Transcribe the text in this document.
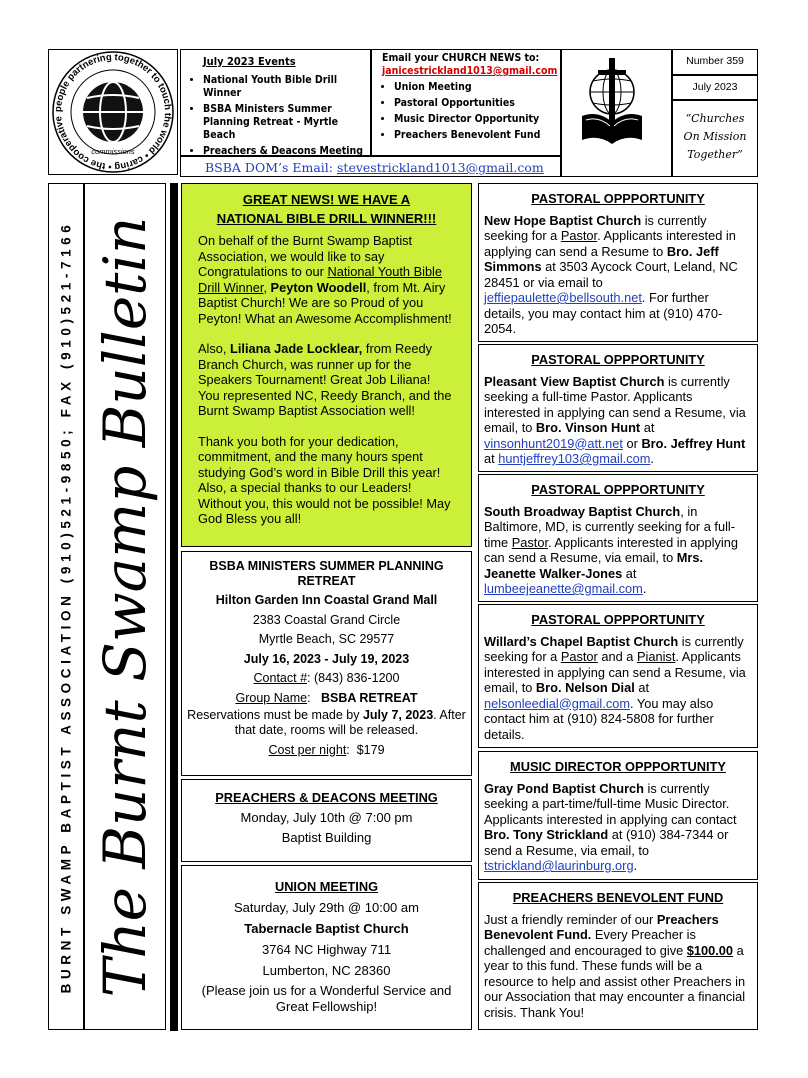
people partnering together to touch the world • caring • the cooperative
commissions
July 2023 Events
• National Youth Bible Drill Winner
• BSBA Ministers Summer Planning Retreat - Myrtle Beach
• Preachers & Deacons Meeting
Email your CHURCH NEWS to:
janicestrickland1013@gmail.com
• Union Meeting
• Pastoral Opportunities
• Music Director Opportunity
• Preachers Benevolent Fund
BSBA DOM’s Email: stevestrickland1013@gmail.com
Number 359
July 2023
“Churches
On Mission
Together”
BURNT SWAMP BAPTIST ASSOCIATION (910)521-9850; FAX (910)521-7166 The Burnt Swamp Bulletin
GREAT NEWS! WE HAVE A
NATIONAL BIBLE DRILL WINNER!!!

On behalf of the Burnt Swamp Baptist Association, we would like to say Congratulations to our National Youth Bible Drill Winner, Peyton Woodell, from Mt. Airy Baptist Church! We are so Proud of you Peyton! What an Awesome Accomplishment!

Also, Liliana Jade Locklear, from Reedy Branch Church, was runner up for the Speakers Tournament! Great Job Liliana! You represented NC, Reedy Branch, and the Burnt Swamp Baptist Association well!

Thank you both for your dedication, commitment, and the many hours spent studying God’s word in Bible Drill this year! Also, a special thanks to our Leaders! Without you, this would not be possible! May God Bless you all!

BSBA MINISTERS SUMMER PLANNING RETREAT
Hilton Garden Inn Coastal Grand Mall
2383 Coastal Grand Circle
Myrtle Beach, SC 29577
July 16, 2023 - July 19, 2023
Contact #: (843) 836-1200
Group Name:   BSBA RETREAT
Reservations must be made by July 7, 2023. After that date, rooms will be released.
Cost per night:  $179
PREACHERS & DEACONS MEETING
Monday, July 10th @ 7:00 pm
Baptist Building
UNION MEETING
Saturday, July 29th @ 10:00 am
Tabernacle Baptist Church
3764 NC Highway 711
Lumberton, NC 28360
(Please join us for a Wonderful Service and Great Fellowship!
PASTORAL OPPPORTUNITY

New Hope Baptist Church is currently seeking for a Pastor. Applicants interested in applying can send a Resume to Bro. Jeff Simmons at 3503 Aycock Court, Leland, NC 28451 or via email to jeffiepaulette@bellsouth.net. For further details, you may contact him at (910) 470-2054.

PASTORAL OPPPORTUNITY

Pleasant View Baptist Church is currently seeking a full-time Pastor. Applicants interested in applying can send a Resume, via email, to Bro. Vinson Hunt at vinsonhunt2019@att.net or Bro. Jeffrey Hunt at huntjeffrey103@gmail.com.

PASTORAL OPPPORTUNITY

South Broadway Baptist Church, in Baltimore, MD, is currently seeking for a full-time Pastor. Applicants interested in applying can send a Resume, via email, to Mrs. Jeanette Walker-Jones at lumbeejeanette@gmail.com.

PASTORAL OPPPORTUNITY

Willard’s Chapel Baptist Church is currently seeking for a Pastor and a Pianist. Applicants interested in applying can send a Resume, via email, to Bro. Nelson Dial at nelsonleedial@gmail.com. You may also contact him at (910) 824-5808 for further details.

MUSIC DIRECTOR OPPPORTUNITY

Gray Pond Baptist Church is currently seeking a part-time/full-time Music Director. Applicants interested in applying can contact Bro. Tony Strickland at (910) 384-7344 or send a Resume, via email, to tstrickland@laurinburg.org.

PREACHERS BENEVOLENT FUND

Just a friendly reminder of our Preachers Benevolent Fund. Every Preacher is challenged and encouraged to give $100.00 a year to this fund. These funds will be a resource to help and assist other Preachers in our Association that may encounter a financial crisis. Thank You!
